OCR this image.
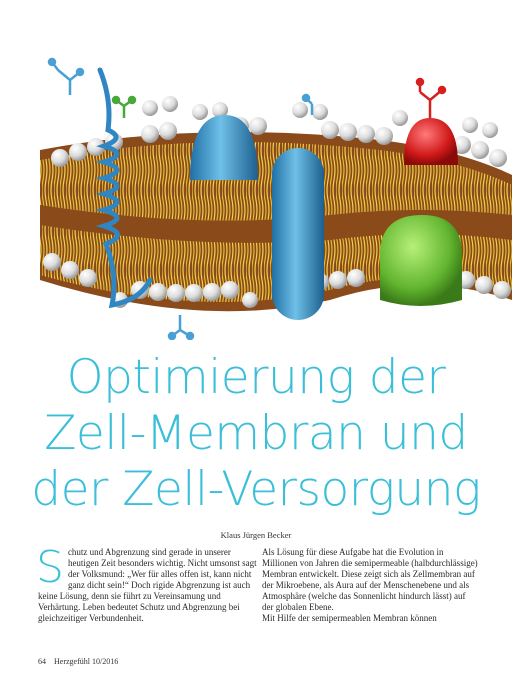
Optimierung der
Zell-Membran und
der Zell-Versorgung
Klaus Jürgen Becker
S chutz und Abgrenzung sind gerade in unserer heutigen Zeit besonders wichtig. Nicht umsonst sagt der Volksmund: „Wer für alles offen ist, kann nicht ganz dicht sein!“ Doch rigide Abgrenzung ist auch keine Lösung, denn sie führt zu Vereinsamung und Verhärtung. Leben bedeutet Schutz und Abgrenzung bei gleichzeitiger Verbundenheit.

Als Lösung für diese Aufgabe hat die Evolution in Millionen von Jahren die semipermeable (halbdurchlässige) Membran entwickelt. Diese zeigt sich als Zellmembran auf der Mikroebene, als Aura auf der Menschenebene und als Atmosphäre (welche das Sonnenlicht hindurch lässt) auf der globalen Ebene.

Mit Hilfe der semipermeablen Membran können

64 Herzgefühl 10/2016
